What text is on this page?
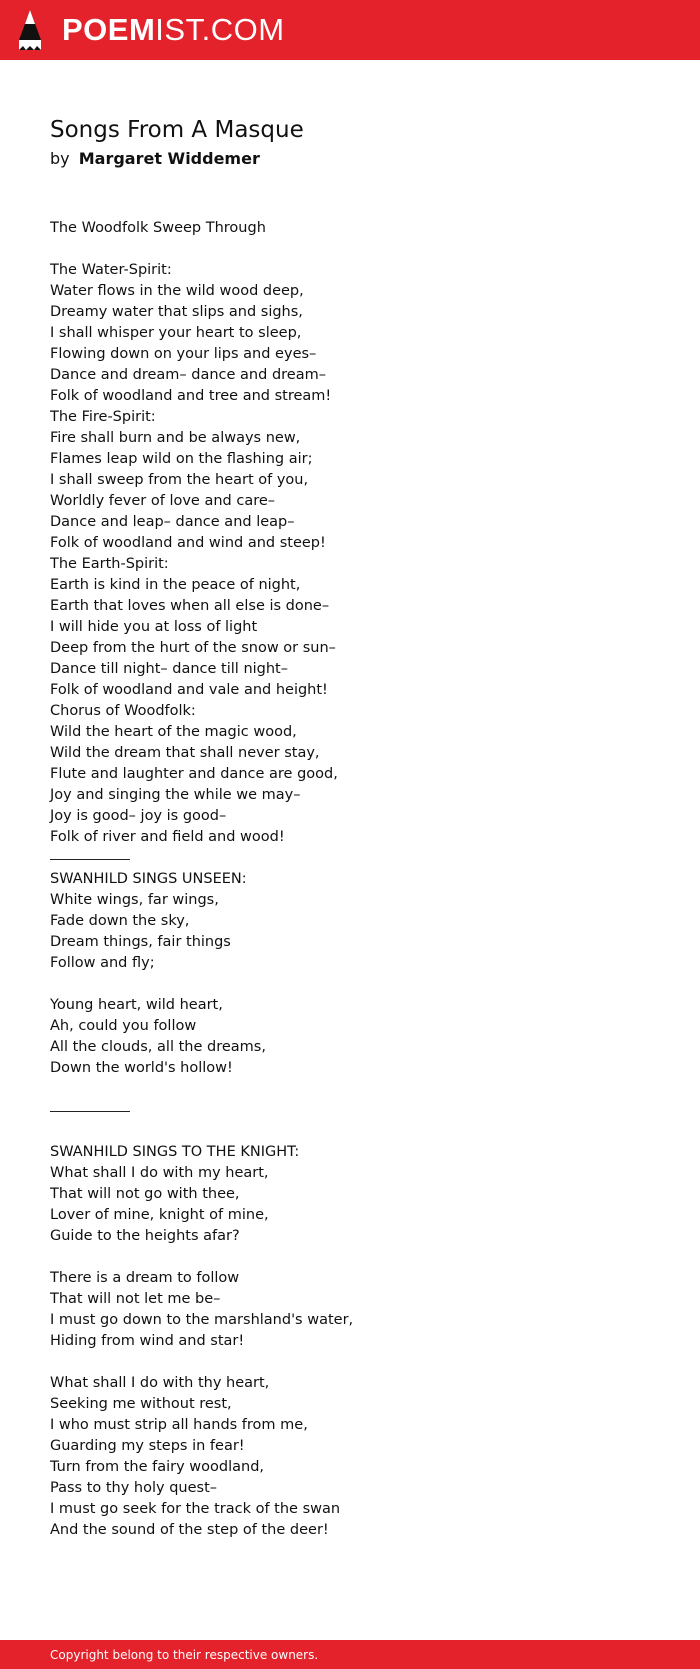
POEMIST.COM
Songs From A Masque
by Margaret Widdemer
The Woodfolk Sweep Through
The Water-Spirit:
Water flows in the wild wood deep,
Dreamy water that slips and sighs,
I shall whisper your heart to sleep,
Flowing down on your lips and eyes–
Dance and dream– dance and dream–
Folk of woodland and tree and stream!
The Fire-Spirit:
Fire shall burn and be always new,
Flames leap wild on the flashing air;
I shall sweep from the heart of you,
Worldly fever of love and care–
Dance and leap– dance and leap–
Folk of woodland and wind and steep!
The Earth-Spirit:
Earth is kind in the peace of night,
Earth that loves when all else is done–
I will hide you at loss of light
Deep from the hurt of the snow or sun–
Dance till night– dance till night–
Folk of woodland and vale and height!
Chorus of Woodfolk:
Wild the heart of the magic wood,
Wild the dream that shall never stay,
Flute and laughter and dance are good,
Joy and singing the while we may–
Joy is good– joy is good–
Folk of river and field and wood!
SWANHILD SINGS UNSEEN:
White wings, far wings,
Fade down the sky,
Dream things, fair things
Follow and fly;
Young heart, wild heart,
Ah, could you follow
All the clouds, all the dreams,
Down the world's hollow!
SWANHILD SINGS TO THE KNIGHT:
What shall I do with my heart,
That will not go with thee,
Lover of mine, knight of mine,
Guide to the heights afar?
There is a dream to follow
That will not let me be–
I must go down to the marshland's water,
Hiding from wind and star!
What shall I do with thy heart,
Seeking me without rest,
I who must strip all hands from me,
Guarding my steps in fear!
Turn from the fairy woodland,
Pass to thy holy quest–
I must go seek for the track of the swan
And the sound of the step of the deer!
Copyright belong to their respective owners.
